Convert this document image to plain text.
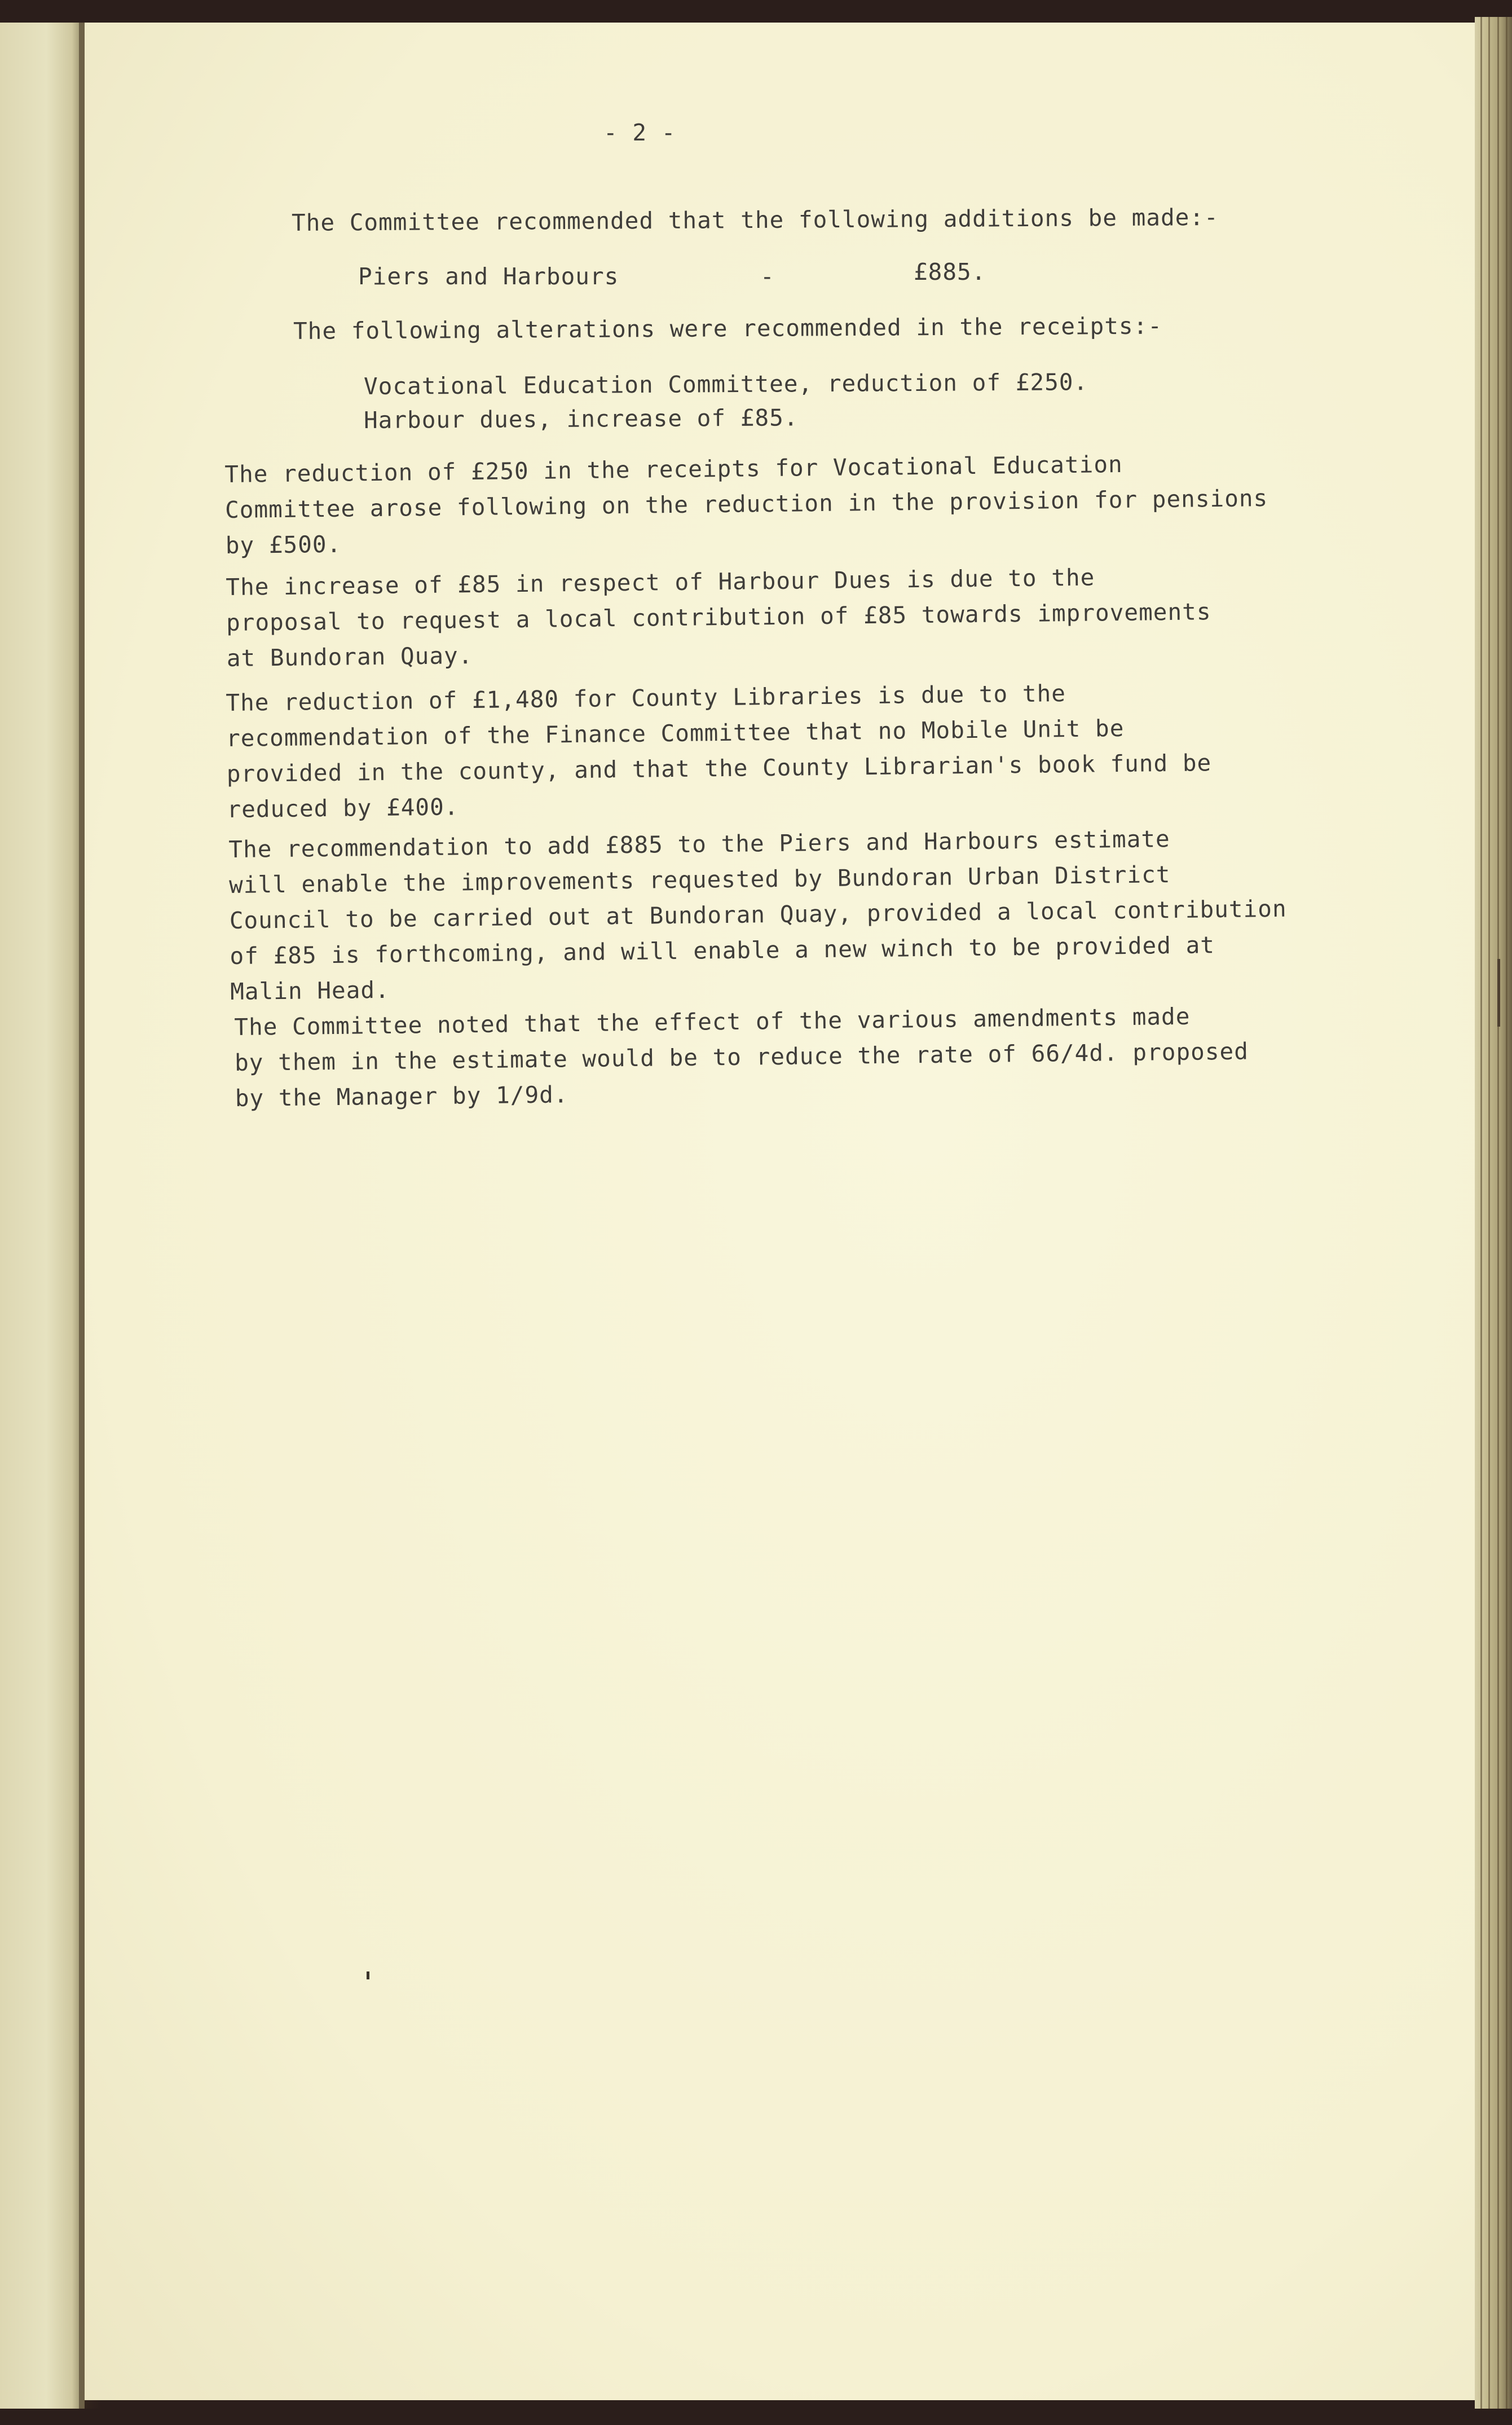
- 2 -
The Committee recommended that the following additions be made:-
Piers and Harbours	-	£885.
The following alterations were recommended in the receipts:-
Vocational Education Committee, reduction of £250.
Harbour dues, increase of £85.
The reduction of £250 in the receipts for Vocational Education
Committee arose following on the reduction in the provision for pensions
by £500.
The increase of £85 in respect of Harbour Dues is due to the
proposal to request a local contribution of £85 towards improvements
at Bundoran Quay.
The reduction of £1,480 for County Libraries is due to the
recommendation of the Finance Committee that no Mobile Unit be
provided in the county, and that the County Librarian's book fund be
reduced by £400.
The recommendation to add £885 to the Piers and Harbours estimate
will enable the improvements requested by Bundoran Urban District
Council to be carried out at Bundoran Quay, provided a local contribution
of £85 is forthcoming, and will enable a new winch to be provided at
Malin Head.
The Committee noted that the effect of the various amendments made
by them in the estimate would be to reduce the rate of 66/4d. proposed
by the Manager by 1/9d.
